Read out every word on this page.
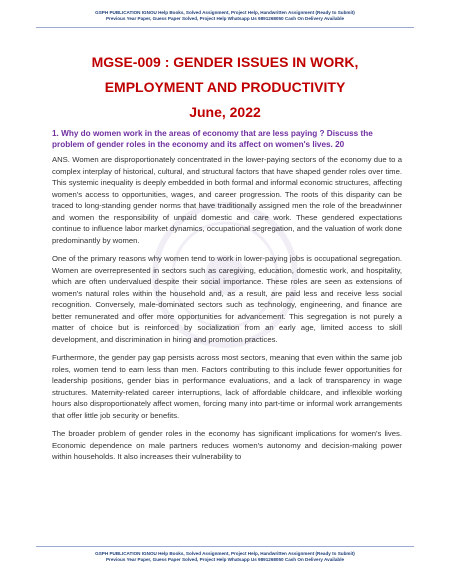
GSPH PUBLICATION IGNOU Help Books, Solved Assignment, Project Help, Handwritten Assignment (Ready to Submit)
Previous Year Paper, Guess Paper Solved, Project Help Whatsapp Us 9891268050 Cash On Delivery Available
MGSE-009 : GENDER ISSUES IN WORK,
EMPLOYMENT AND PRODUCTIVITY
June, 2022

1. Why do women work in the areas of economy that are less paying ? Discuss the problem of gender roles in the economy and its affect on women's lives. 20

ANS. Women are disproportionately concentrated in the lower-paying sectors of the economy due to a complex interplay of historical, cultural, and structural factors that have shaped gender roles over time. This systemic inequality is deeply embedded in both formal and informal economic structures, affecting women's access to opportunities, wages, and career progression. The roots of this disparity can be traced to long-standing gender norms that have traditionally assigned men the role of the breadwinner and women the responsibility of unpaid domestic and care work. These gendered expectations continue to influence labor market dynamics, occupational segregation, and the valuation of work done predominantly by women.

One of the primary reasons why women tend to work in lower-paying jobs is occupational segregation. Women are overrepresented in sectors such as caregiving, education, domestic work, and hospitality, which are often undervalued despite their social importance. These roles are seen as extensions of women's natural roles within the household and, as a result, are paid less and receive less social recognition. Conversely, male-dominated sectors such as technology, engineering, and finance are better remunerated and offer more opportunities for advancement. This segregation is not purely a matter of choice but is reinforced by socialization from an early age, limited access to skill development, and discrimination in hiring and promotion practices.

Furthermore, the gender pay gap persists across most sectors, meaning that even within the same job roles, women tend to earn less than men. Factors contributing to this include fewer opportunities for leadership positions, gender bias in performance evaluations, and a lack of transparency in wage structures. Maternity-related career interruptions, lack of affordable childcare, and inflexible working hours also disproportionately affect women, forcing many into part-time or informal work arrangements that offer little job security or benefits.

The broader problem of gender roles in the economy has significant implications for women's lives. Economic dependence on male partners reduces women's autonomy and decision-making power within households. It also increases their vulnerability to

GSPH PUBLICATION IGNOU Help Books, Solved Assignment, Project Help, Handwritten Assignment (Ready to Submit)
Previous Year Paper, Guess Paper Solved, Project Help Whatsapp Us 9891268050 Cash On Delivery Available
